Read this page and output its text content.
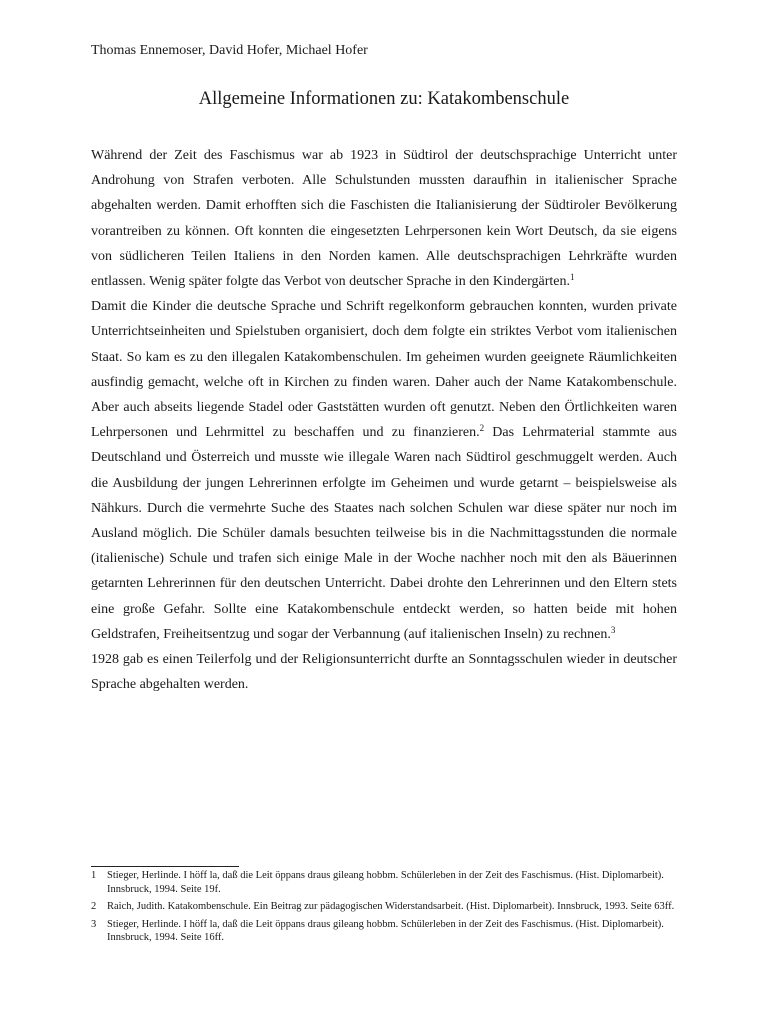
Thomas Ennemoser, David Hofer, Michael Hofer
Allgemeine Informationen zu: Katakombenschule

Während der Zeit des Faschismus war ab 1923 in Südtirol der deutschsprachige Unterricht unter Androhung von Strafen verboten. Alle Schulstunden mussten daraufhin in italienischer Sprache abgehalten werden. Damit erhofften sich die Faschisten die Italianisierung der Südtiroler Bevölkerung vorantreiben zu können. Oft konnten die eingesetzten Lehrpersonen kein Wort Deutsch, da sie eigens von südlicheren Teilen Italiens in den Norden kamen. Alle deutschsprachigen Lehrkräfte wurden entlassen. Wenig später folgte das Verbot von deutscher Sprache in den Kindergärten.$^1$

Damit die Kinder die deutsche Sprache und Schrift regelkonform gebrauchen konnten, wurden private Unterrichtseinheiten und Spielstuben organisiert, doch dem folgte ein striktes Verbot vom italienischen Staat. So kam es zu den illegalen Katakombenschulen. Im geheimen wurden geeignete Räumlichkeiten ausfindig gemacht, welche oft in Kirchen zu finden waren. Daher auch der Name Katakombenschule. Aber auch abseits liegende Stadel oder Gaststätten wurden oft genutzt. Neben den Örtlichkeiten waren Lehrpersonen und Lehrmittel zu beschaffen und zu finanzieren.$^2$ Das Lehrmaterial stammte aus Deutschland und Österreich und musste wie illegale Waren nach Südtirol geschmuggelt werden. Auch die Ausbildung der jungen Lehrerinnen erfolgte im Geheimen und wurde getarnt – beispielsweise als Nähkurs. Durch die vermehrte Suche des Staates nach solchen Schulen war diese später nur noch im Ausland möglich. Die Schüler damals besuchten teilweise bis in die Nachmittagsstunden die normale (italienische) Schule und trafen sich einige Male in der Woche nachher noch mit den als Bäuerinnen getarnten Lehrerinnen für den deutschen Unterricht. Dabei drohte den Lehrerinnen und den Eltern stets eine große Gefahr. Sollte eine Katakombenschule entdeckt werden, so hatten beide mit hohen Geldstrafen, Freiheitsentzug und sogar der Verbannung (auf italienischen Inseln) zu rechnen.$^3$

1928 gab es einen Teilerfolg und der Religionsunterricht durfte an Sonntagsschulen wieder in deutscher Sprache abgehalten werden.

1 Stieger, Herlinde. I höff la, daß die Leit öppans draus gileang hobbm. Schülerleben in der Zeit des Faschismus. (Hist. Diplomarbeit). Innsbruck, 1994. Seite 19f.
2 Raich, Judith. Katakombenschule. Ein Beitrag zur pädagogischen Widerstandsarbeit. (Hist. Diplomarbeit). Innsbruck, 1993. Seite 63ff.
3 Stieger, Herlinde. I höff la, daß die Leit öppans draus gileang hobbm. Schülerleben in der Zeit des Faschismus. (Hist. Diplomarbeit). Innsbruck, 1994. Seite 16ff.
